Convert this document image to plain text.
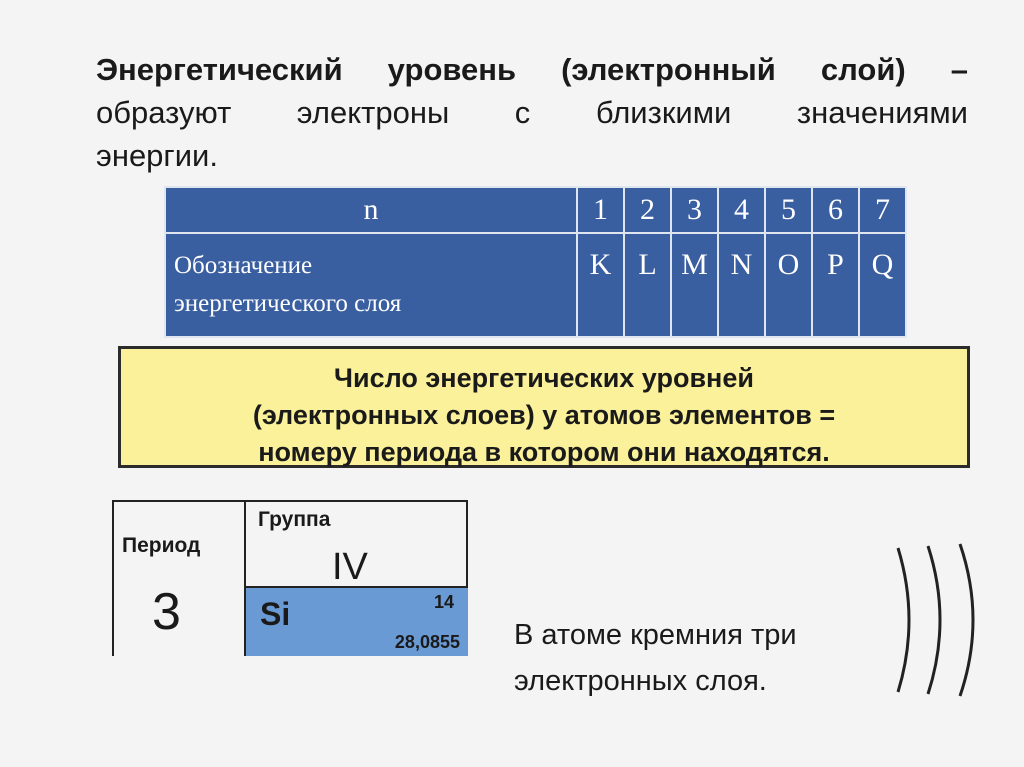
Энергетический уровень (электронный слой) –
образуют электроны с близкими значениями
энергии.
n	1	2	3	4	5	6	7
Обозначение
энергетического слоя	K	L	M	N	O	P	Q
Число энергетических уровней
(электронных слоев) у атомов элементов =
номеру периода в котором они находятся.
Период
3
Группа
IV
Si	14
28,0855 В атоме кремния три
электронных слоя.
